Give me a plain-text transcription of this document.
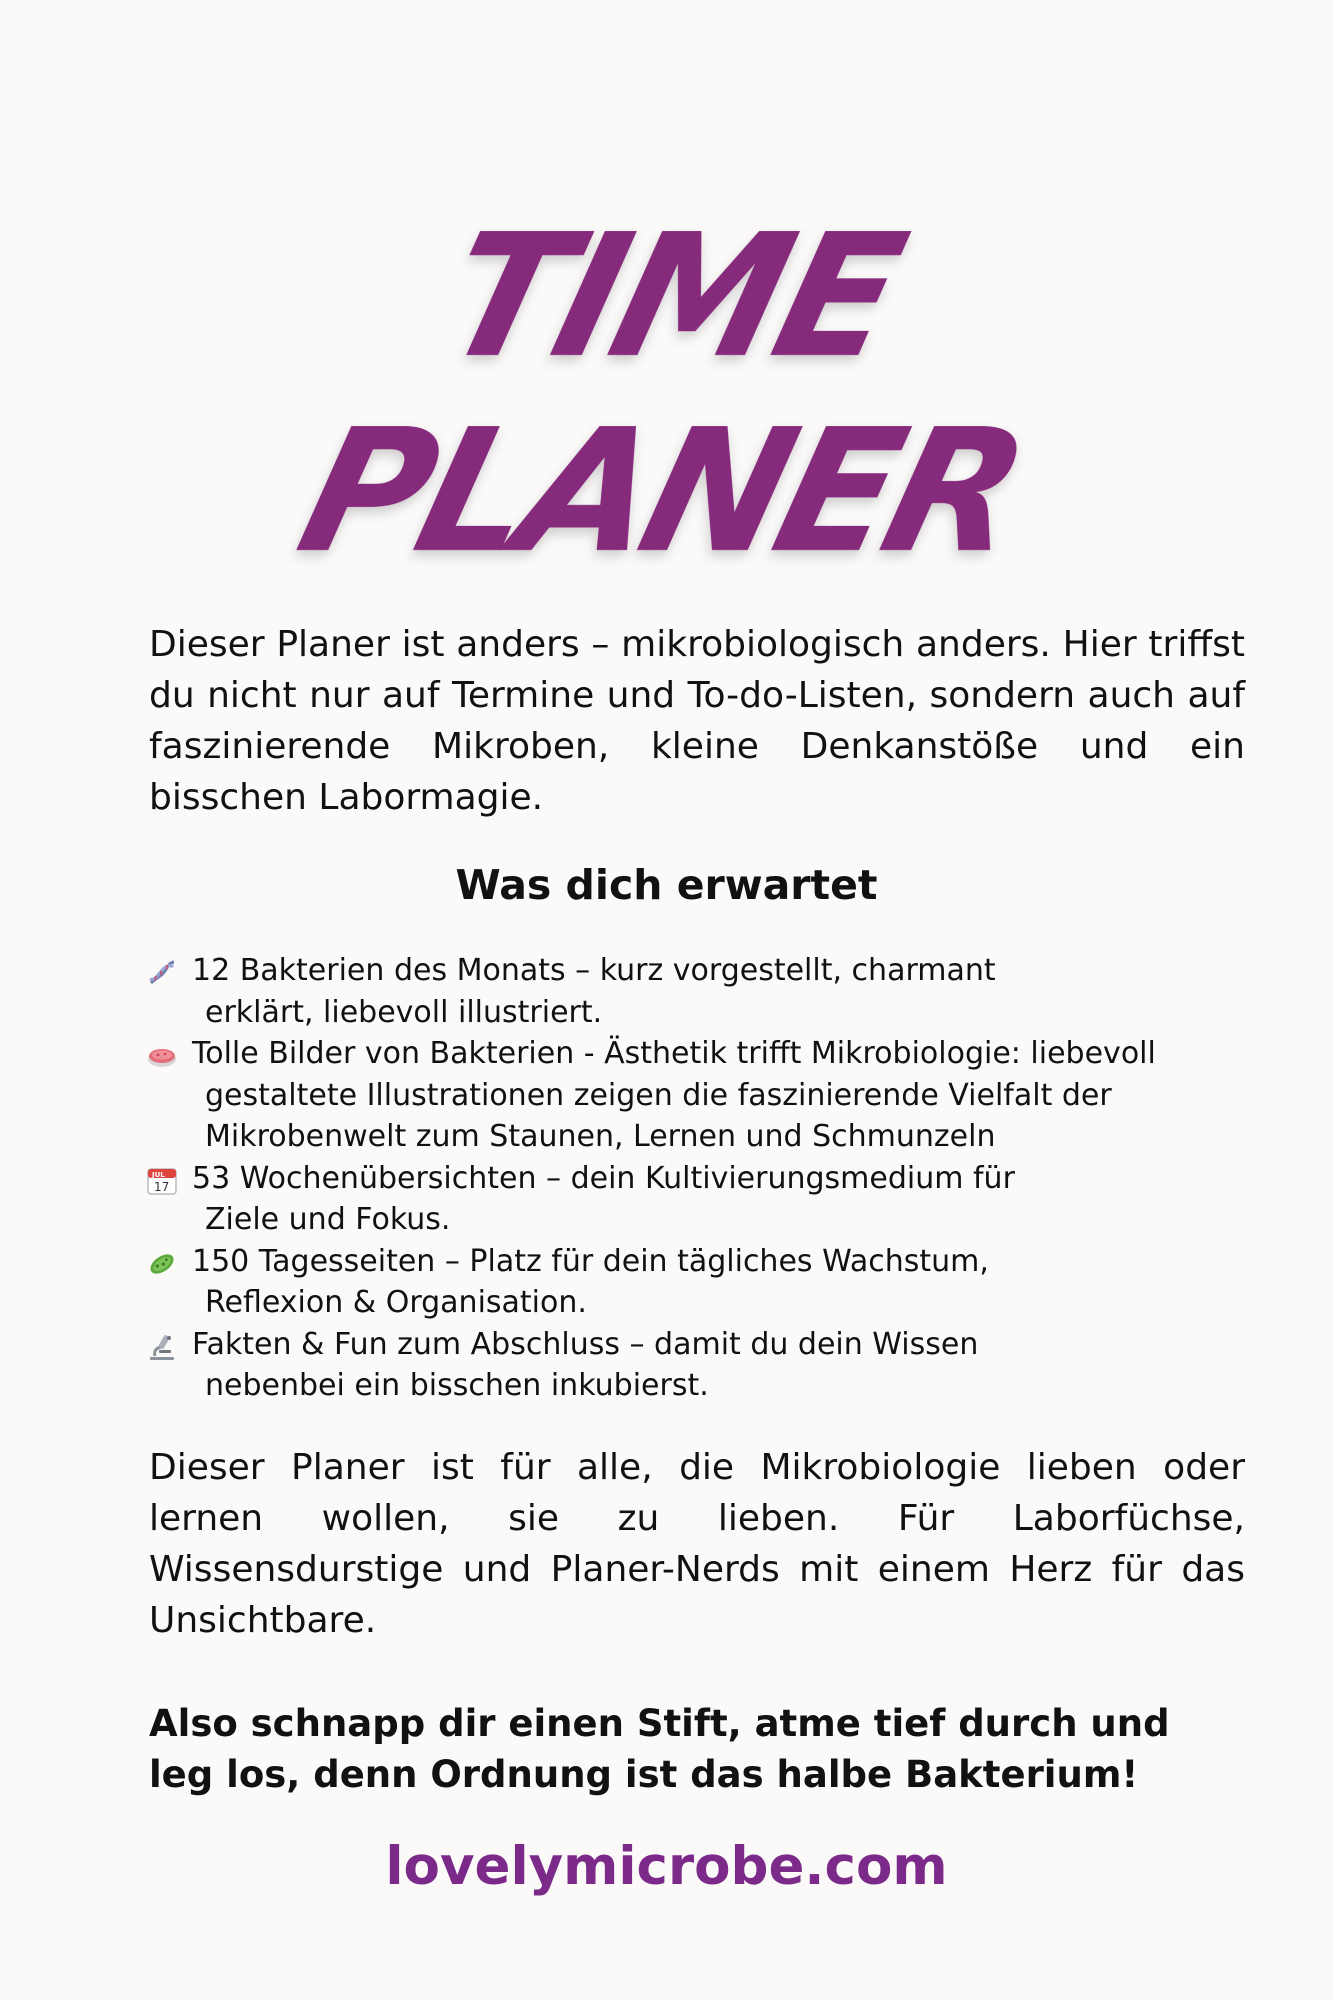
TIME
PLANER

Dieser Planer ist anders – mikrobiologisch anders. Hier triffst du nicht nur auf Termine und To-do-Listen, sondern auch auf faszinierende Mikroben, kleine Denkanstöße und ein bisschen Labormagie.

Was dich erwartet
12 Bakterien des Monats – kurz vorgestellt, charmant
erklärt, liebevoll illustriert.
Tolle Bilder von Bakterien - Ästhetik trifft Mikrobiologie: liebevoll
gestaltete Illustrationen zeigen die faszinierende Vielfalt der
Mikrobenwelt zum Staunen, Lernen und Schmunzeln
JUL
17 53 Wochenübersichten – dein Kultivierungsmedium für
Ziele und Fokus.
150 Tagesseiten – Platz für dein tägliches Wachstum,
Reflexion & Organisation.
Fakten & Fun zum Abschluss – damit du dein Wissen
nebenbei ein bisschen inkubierst.

Dieser Planer ist für alle, die Mikrobiologie lieben oder lernen wollen, sie zu lieben. Für Laborfüchse, Wissensdurstige und Planer-Nerds mit einem Herz für das Unsichtbare.

Also schnapp dir einen Stift, atme tief durch und leg los, denn Ordnung ist das halbe Bakterium!

lovelymicrobe.com
